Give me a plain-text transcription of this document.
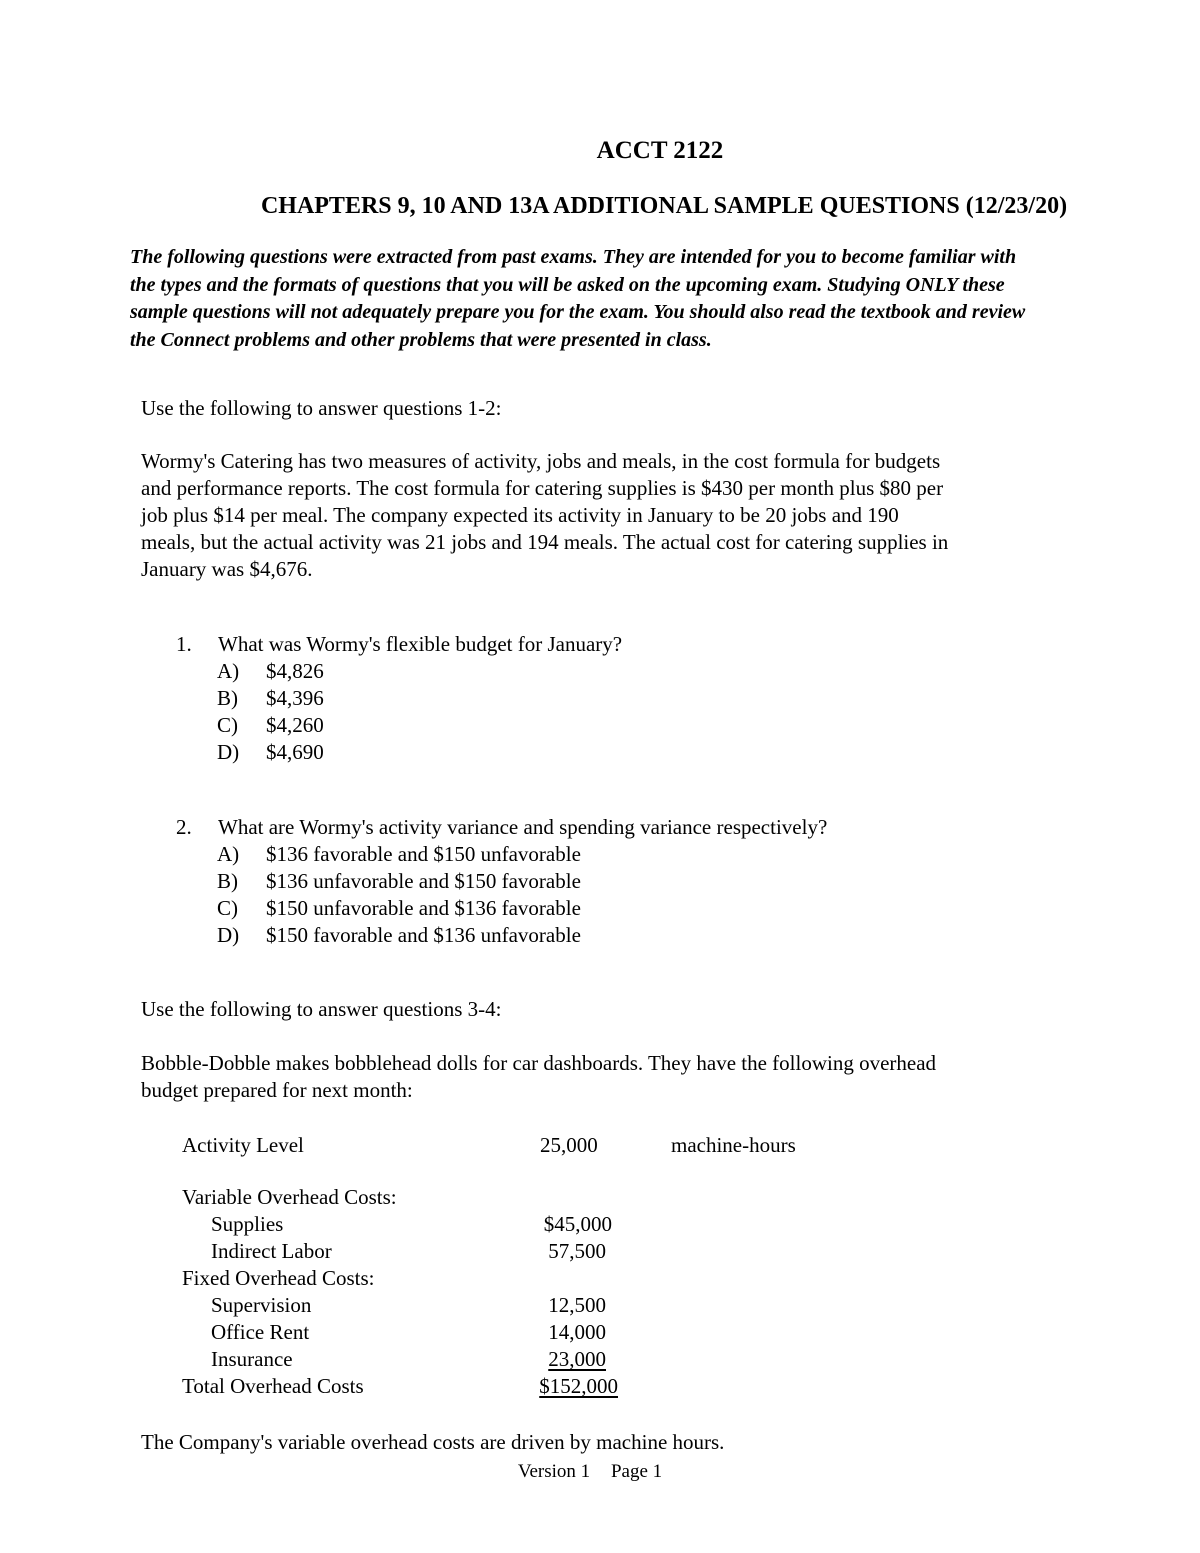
ACCT 2122
CHAPTERS 9, 10 AND 13A ADDITIONAL SAMPLE QUESTIONS (12/23/20)
The following questions were extracted from past exams. They are intended for you to become familiar with
the types and the formats of questions that you will be asked on the upcoming exam. Studying ONLY these
sample questions will not adequately prepare you for the exam. You should also read the textbook and review
the Connect problems and other problems that were presented in class.
Use the following to answer questions 1-2:
Wormy's Catering has two measures of activity, jobs and meals, in the cost formula for budgets
and performance reports. The cost formula for catering supplies is $430 per month plus $80 per
job plus $14 per meal. The company expected its activity in January to be 20 jobs and 190
meals, but the actual activity was 21 jobs and 194 meals. The actual cost for catering supplies in
January was $4,676.
1. What was Wormy's flexible budget for January?
A) $4,826
B) $4,396
C) $4,260
D) $4,690
2. What are Wormy's activity variance and spending variance respectively?
A) $136 favorable and $150 unfavorable
B) $136 unfavorable and $150 favorable
C) $150 unfavorable and $136 favorable
D) $150 favorable and $136 unfavorable
Use the following to answer questions 3-4:
Bobble-Dobble makes bobblehead dolls for car dashboards. They have the following overhead
budget prepared for next month:
Activity Level	25,000	machine-hours
Variable Overhead Costs:
Supplies	$45,000
Indirect Labor	57,500
Fixed Overhead Costs:
Supervision	12,500
Office Rent	14,000
Insurance	23,000
Total Overhead Costs	$152,000
The Company's variable overhead costs are driven by machine hours.
Version 1 Page 1
